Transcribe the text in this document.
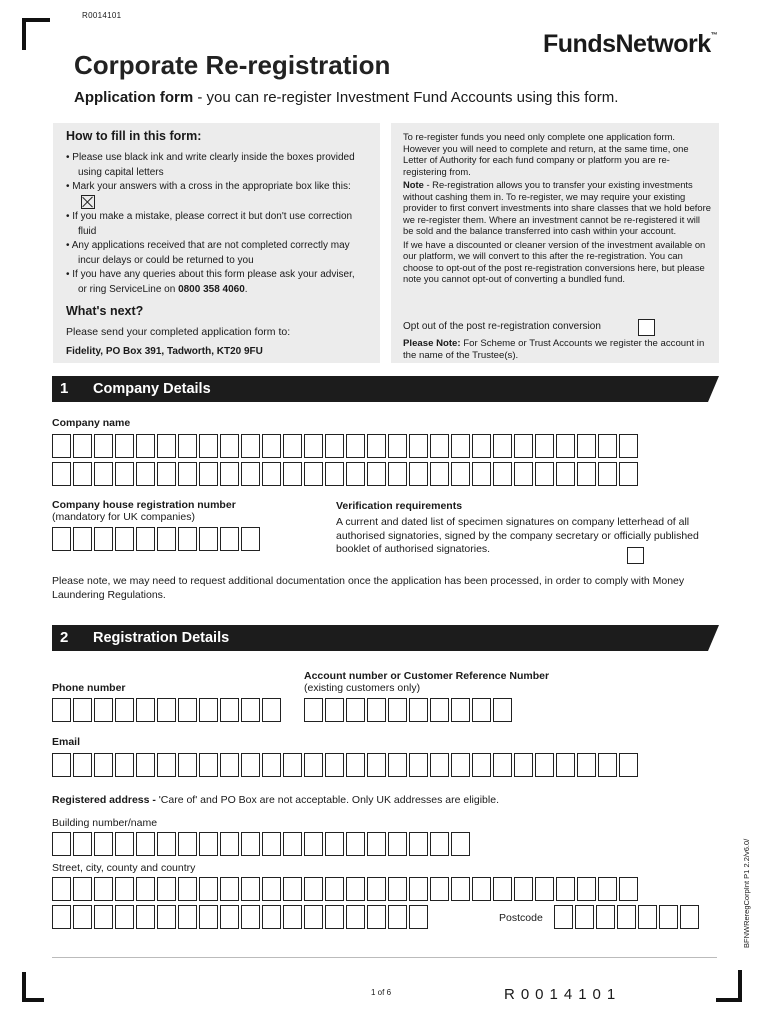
R0014101
FundsNetwork™
Corporate Re-registration
Application form - you can re-register Investment Fund Accounts using this form.
How to fill in this form:
• Please use black ink and write clearly inside the boxes provided using capital letters
• Mark your answers with a cross in the appropriate box like this:
• If you make a mistake, please correct it but don't use correction fluid
• Any applications received that are not completed correctly may incur delays or could be returned to you
• If you have any queries about this form please ask your adviser, or ring ServiceLine on 0800 358 4060.
What's next?
Please send your completed application form to:
Fidelity, PO Box 391, Tadworth, KT20 9FU

To re-register funds you need only complete one application form. However you will need to complete and return, at the same time, one Letter of Authority for each fund company or platform you are re-registering from.

Note - Re-registration allows you to transfer your existing investments without cashing them in. To re-register, we may require your existing provider to first convert investments into share classes that we hold before we re-register them. Where an investment cannot be re-registered it will be sold and the balance transferred into cash within your account.

If we have a discounted or cleaner version of the investment available on our platform, we will convert to this after the re-registration. You can choose to opt-out of the post re-registration conversions here, but please note you cannot opt-out of converting a bundled fund.

Opt out of the post re-registration conversion
Please Note: For Scheme or Trust Accounts we register the account in the name of the Trustee(s).
1 Company Details
Company name
Company house registration number
(mandatory for UK companies)
Verification requirements
A current and dated list of specimen signatures on company letterhead of all authorised signatories, signed by the company secretary or officially published booklet of authorised signatories.
Please note, we may need to request additional documentation once the application has been processed, in order to comply with Money Laundering Regulations.
2 Registration Details
Account number or Customer Reference Number
(existing customers only)
Phone number
Email
Registered address - 'Care of' and PO Box are not acceptable. Only UK addresses are eligible.
Building number/name
Street, city, county and country
Postcode
1 of 6	R0014101
BFNWReregCorpInt P1 2.2/v6.0/
